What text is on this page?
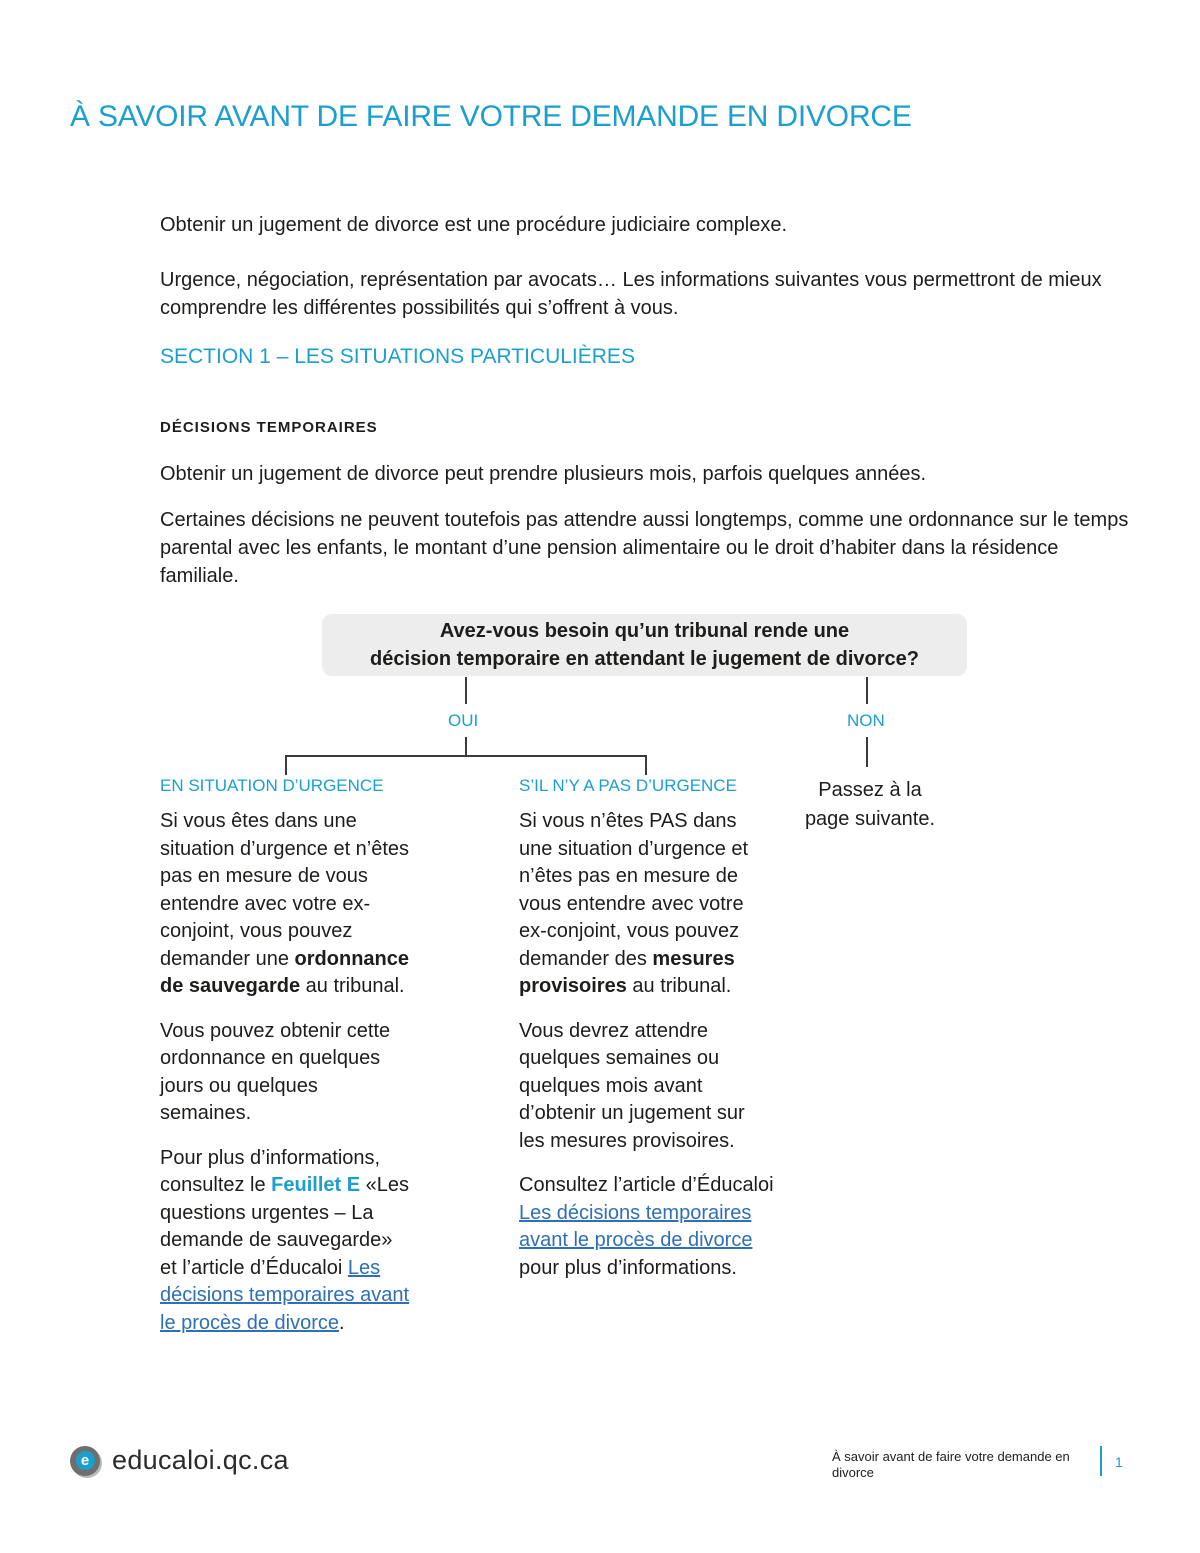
À SAVOIR AVANT DE FAIRE VOTRE DEMANDE EN DIVORCE

Obtenir un jugement de divorce est une procédure judiciaire complexe.

Urgence, négociation, représentation par avocats… Les informations suivantes vous permettront de mieux comprendre les différentes possibilités qui s’offrent à vous.

SECTION 1 – LES SITUATIONS PARTICULIÈRES
DÉCISIONS TEMPORAIRES

Obtenir un jugement de divorce peut prendre plusieurs mois, parfois quelques années.

Certaines décisions ne peuvent toutefois pas attendre aussi longtemps, comme une ordonnance sur le temps parental avec les enfants, le montant d’une pension alimentaire ou le droit d’habiter dans la résidence familiale.

Avez-vous besoin qu’un tribunal rende une
décision temporaire en attendant le jugement de divorce?
OUI	NON
Passez à la page suivante.
EN SITUATION D’URGENCE

Si vous êtes dans une situation d’urgence et n’êtes pas en mesure de vous entendre avec votre ex-conjoint, vous pouvez demander une ordonnance de sauvegarde au tribunal.

Vous pouvez obtenir cette ordonnance en quelques jours ou quelques semaines.

Pour plus d’informations, consultez le Feuillet E «Les questions urgentes – La demande de sauvegarde» et l’article d’Éducaloi Les décisions temporaires avant le procès de divorce.

S’IL N’Y A PAS D’URGENCE

Si vous n’êtes PAS dans une situation d’urgence et n’êtes pas en mesure de vous entendre avec votre ex-conjoint, vous pouvez demander des mesures provisoires au tribunal.

Vous devrez attendre quelques semaines ou quelques mois avant d’obtenir un jugement sur les mesures provisoires.

Consultez l’article d’Éducaloi Les décisions temporaires avant le procès de divorce pour plus d’informations.

e educaloi.qc.ca	À savoir avant de faire votre demande en divorce
1
